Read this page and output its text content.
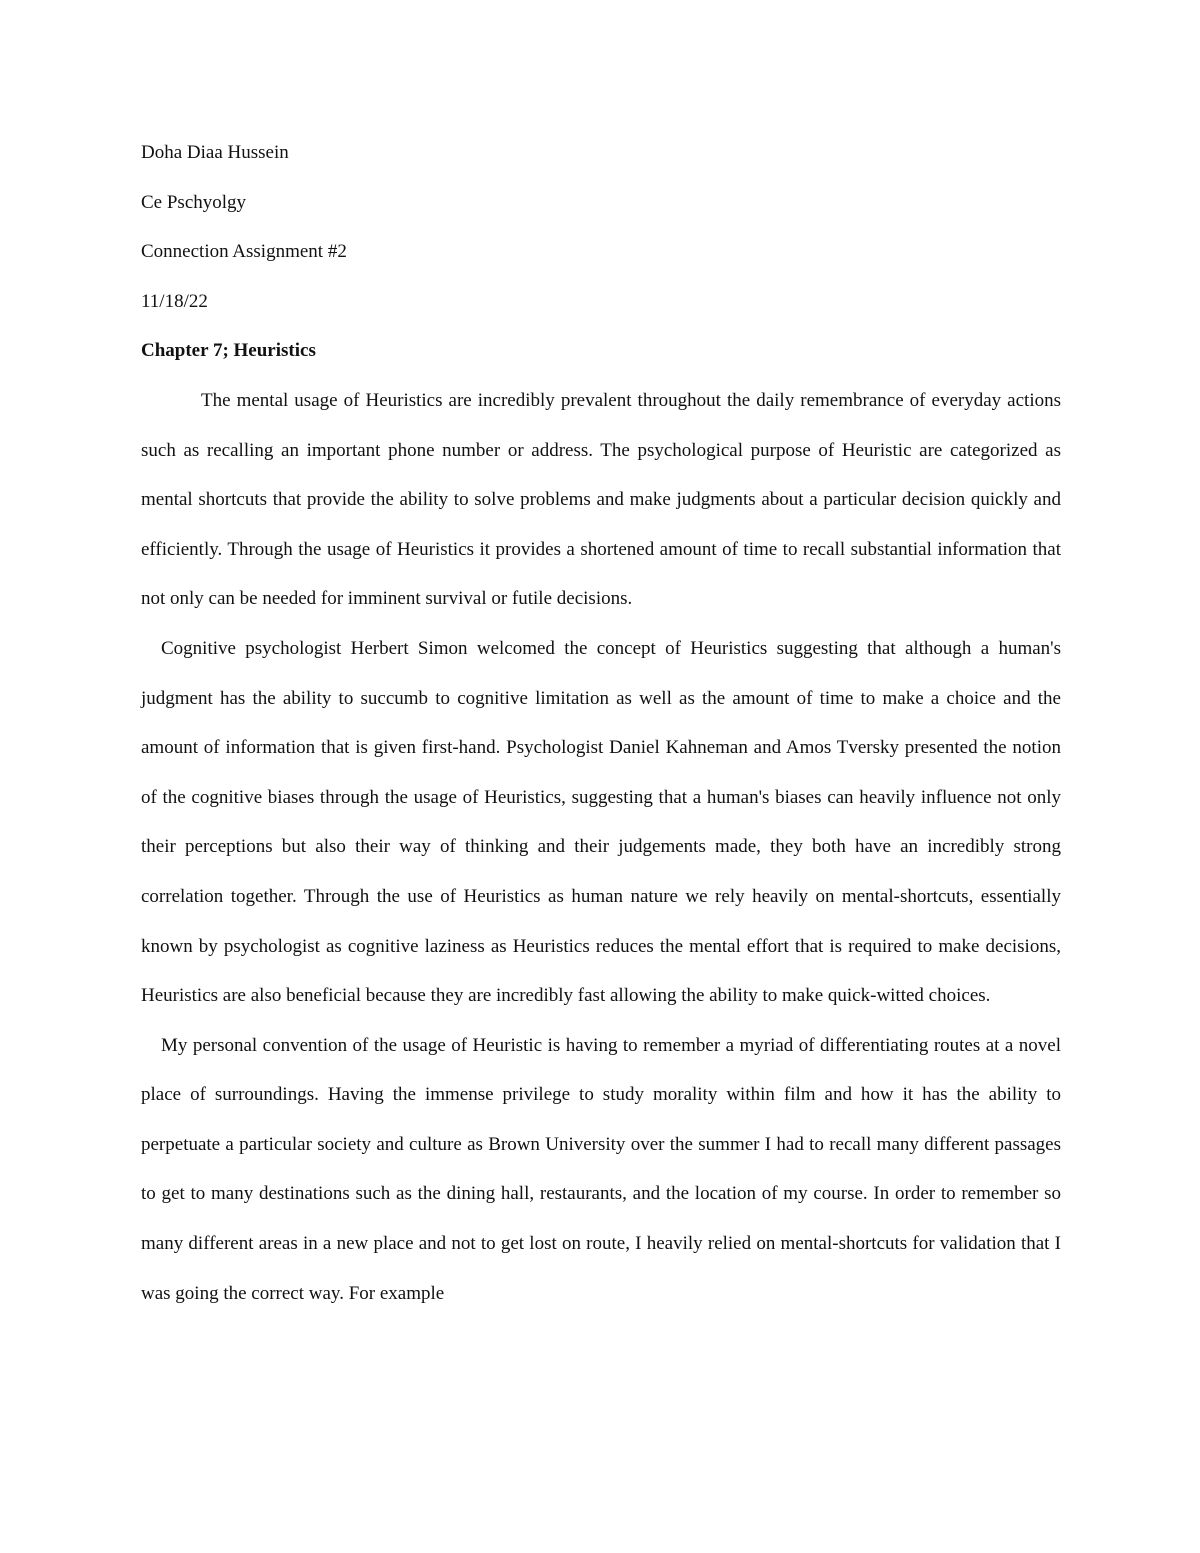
Doha Diaa Hussein
Ce Pschyolgy
Connection Assignment #2
11/18/22
Chapter 7; Heuristics

The mental usage of Heuristics are incredibly prevalent throughout the daily remembrance of everyday actions such as recalling an important phone number or address. The psychological purpose of Heuristic are categorized as mental shortcuts that provide the ability to solve problems and make judgments about a particular decision quickly and efficiently. Through the usage of Heuristics it provides a shortened amount of time to recall substantial information that not only can be needed for imminent survival or futile decisions.

Cognitive psychologist Herbert Simon welcomed the concept of Heuristics suggesting that although a human's judgment has the ability to succumb to cognitive limitation as well as the amount of time to make a choice and the amount of information that is given first-hand. Psychologist Daniel Kahneman and Amos Tversky presented the notion of the cognitive biases through the usage of Heuristics, suggesting that a human's biases can heavily influence not only their perceptions but also their way of thinking and their judgements made, they both have an incredibly strong correlation together. Through the use of Heuristics as human nature we rely heavily on mental-shortcuts, essentially known by psychologist as cognitive laziness as Heuristics reduces the mental effort that is required to make decisions, Heuristics are also beneficial because they are incredibly fast allowing the ability to make quick-witted choices.

My personal convention of the usage of Heuristic is having to remember a myriad of differentiating routes at a novel place of surroundings. Having the immense privilege to study morality within film and how it has the ability to perpetuate a particular society and culture as Brown University over the summer I had to recall many different passages to get to many destinations such as the dining hall, restaurants, and the location of my course. In order to remember so many different areas in a new place and not to get lost on route, I heavily relied on mental-shortcuts for validation that I was going the correct way. For example
